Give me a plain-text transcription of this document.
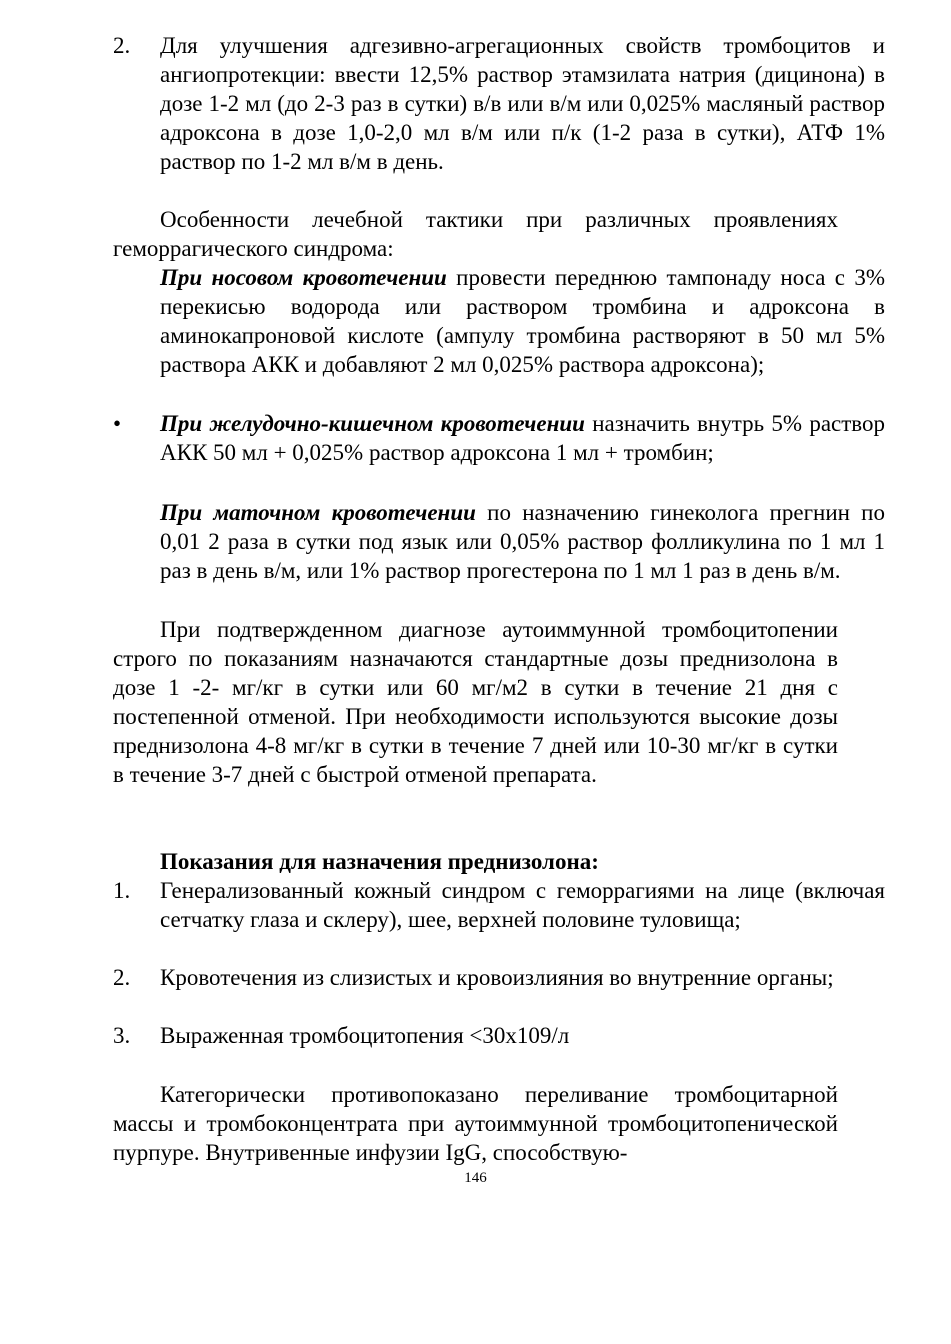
2. Для улучшения адгезивно-агрегационных свойств тромбоцитов и ангиопротекции: ввести 12,5% раствор этамзилата натрия (дицинона) в дозе 1-2 мл (до 2-3 раз в сутки) в/в или в/м или 0,025% масляный раствор адроксона в дозе 1,0-2,0 мл в/м или п/к (1-2 раза в сутки), АТФ 1% раствор по 1-2 мл в/м в день.

Особенности лечебной тактики при различных проявлениях геморрагического синдрома:

При носовом кровотечении провести переднюю тампонаду носа с 3% перекисью водорода или раствором тромбина и адроксона в аминокапроновой кислоте (ампулу тромбина растворяют в 50 мл 5% раствора АКК и добавляют 2 мл 0,025% раствора адроксона);

• При желудочно-кишечном кровотечении назначить внутрь 5% раствор АКК 50 мл + 0,025% раствор адроксона 1 мл + тромбин;

При маточном кровотечении по назначению гинеколога прегнин по 0,01 2 раза в сутки под язык или 0,05% раствор фолликулина по 1 мл 1 раз в день в/м, или 1% раствор прогестерона по 1 мл 1 раз в день в/м.

При подтвержденном диагнозе аутоиммунной тромбоцитопении строго по показаниям назначаются стандартные дозы преднизолона в дозе 1 -2- мг/кг в сутки или 60 мг/м2 в сутки в течение 21 дня с постепенной отменой. При необходимости используются высокие дозы преднизолона 4-8 мг/кг в сутки в течение 7 дней или 10-30 мг/кг в сутки в течение 3-7 дней с быстрой отменой препарата.

Показания для назначения преднизолона:

1. Генерализованный кожный синдром с геморрагиями на лице (включая сетчатку глаза и склеру), шее, верхней половине туловища;
2. Кровотечения из слизистых и кровоизлияния во внутренние органы;
3. Выраженная тромбоцитопения <30х109/л

Категорически противопоказано переливание тромбоцитарной массы и тромбоконцентрата при аутоиммунной тромбоцитопенической пурпуре. Внутривенные инфузии IgG, способствую-

146
